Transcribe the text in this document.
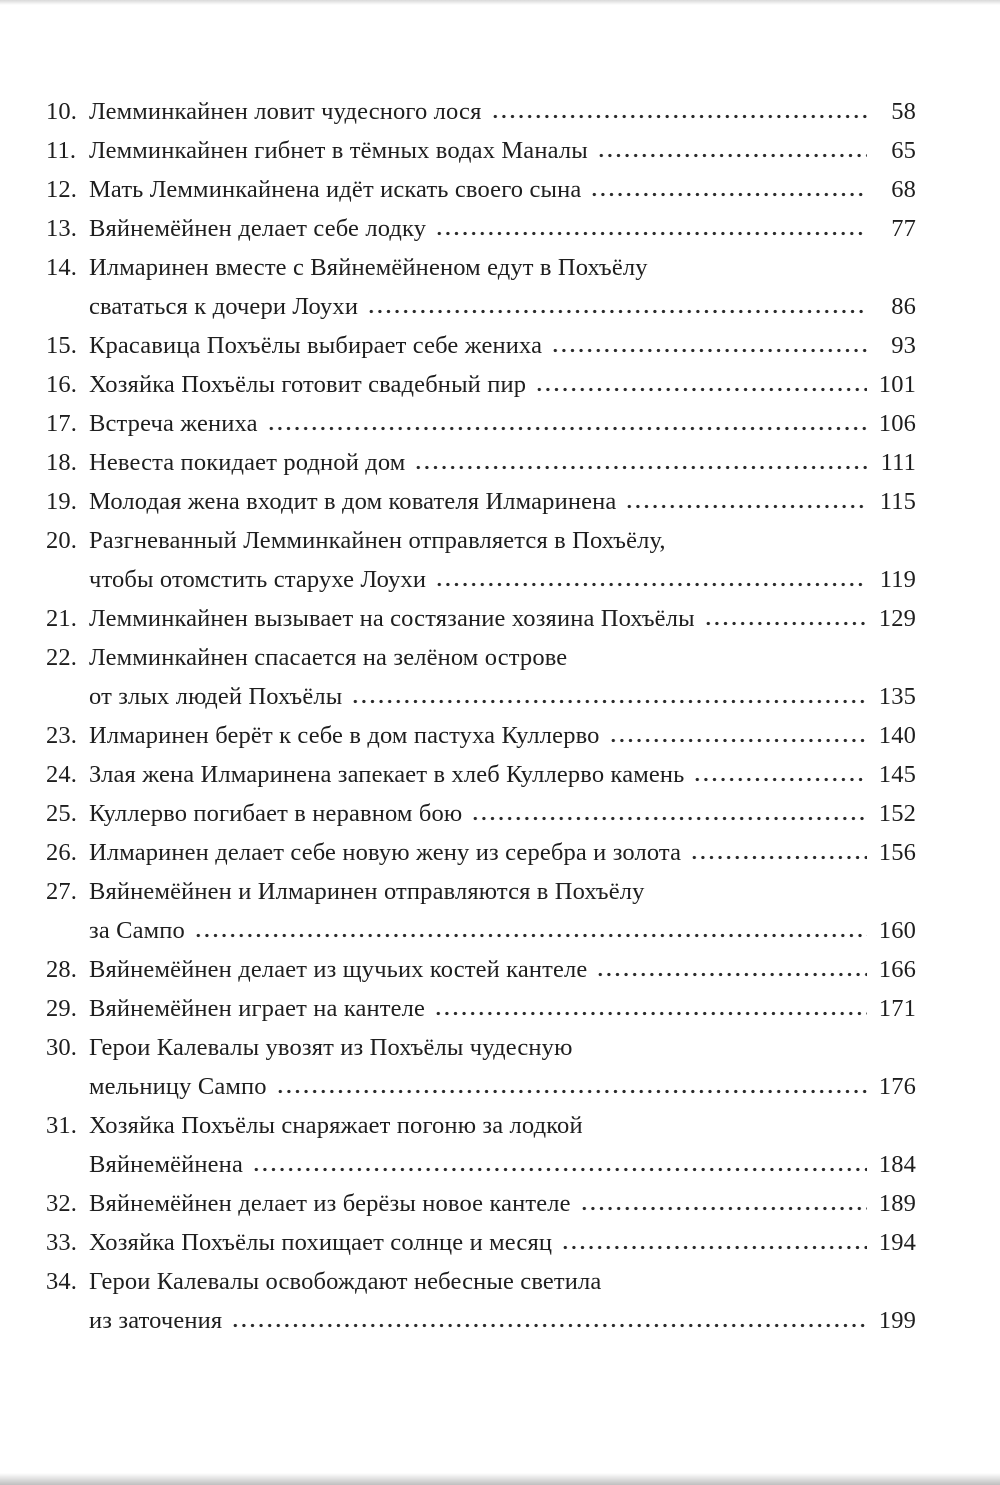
10. Лемминкайнен ловит чудесного лося	58
11. Лемминкайнен гибнет в тёмных водах Маналы	65
12. Мать Лемминкайнена идёт искать своего сына	68
13. Вяйнемёйнен делает себе лодку	77
14. Илмаринен вместе с Вяйнемёйненом едут в Похъёлу
свататься к дочери Лоухи	86
15. Красавица Похъёлы выбирает себе жениха	93
16. Хозяйка Похъёлы готовит свадебный пир	101
17. Встреча жениха	106
18. Невеста покидает родной дом	111
19. Молодая жена входит в дом кователя Илмаринена	115
20. Разгневанный Лемминкайнен отправляется в Похъёлу,
чтобы отомстить старухе Лоухи	119
21. Лемминкайнен вызывает на состязание хозяина Похъёлы	129
22. Лемминкайнен спасается на зелёном острове
от злых людей Похъёлы	135
23. Илмаринен берёт к себе в дом пастуха Куллерво	140
24. Злая жена Илмаринена запекает в хлеб Куллерво камень	145
25. Куллерво погибает в неравном бою	152
26. Илмаринен делает себе новую жену из серебра и золота	156
27. Вяйнемёйнен и Илмаринен отправляются в Похъёлу
за Сампо	160
28. Вяйнемёйнен делает из щучьих костей кантеле	166
29. Вяйнемёйнен играет на кантеле	171
30. Герои Калевалы увозят из Похъёлы чудесную
мельницу Сампо	176
31. Хозяйка Похъёлы снаряжает погоню за лодкой
Вяйнемёйнена	184
32. Вяйнемёйнен делает из берёзы новое кантеле	189
33. Хозяйка Похъёлы похищает солнце и месяц	194
34. Герои Калевалы освобождают небесные светила
из заточения	199
